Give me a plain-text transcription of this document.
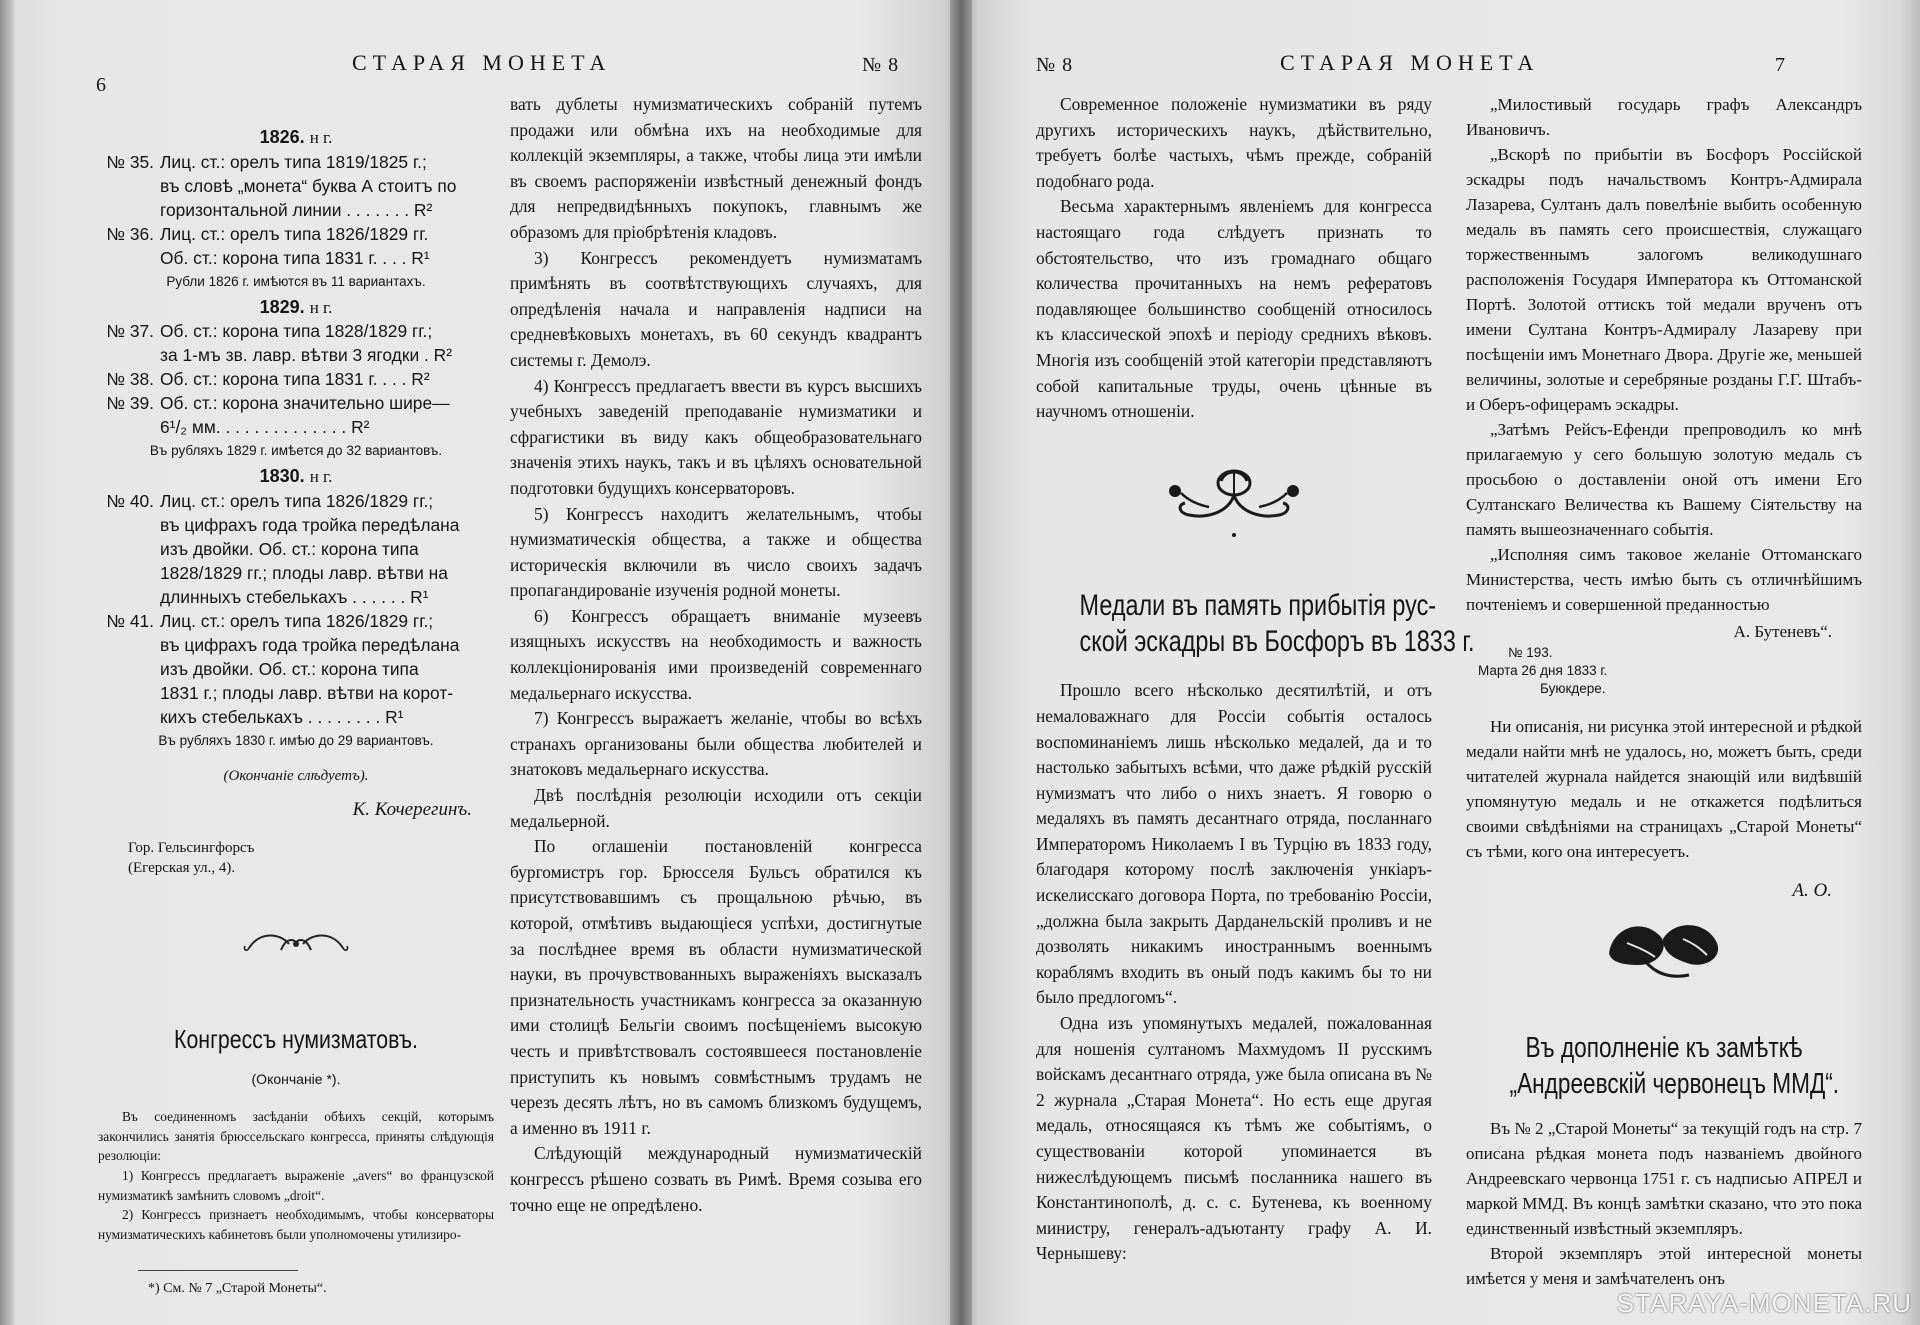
6
СТАРАЯ МОНЕТА	№ 8
1826. н г.
№ 35. Лиц. ст.: орелъ типа 1819/1825 г.;
въ словѣ „монета“ буква А стоитъ по
горизонтальной линии . . . . . . . R²
№ 36. Лиц. ст.: орелъ типа 1826/1829 гг.
Об. ст.: корона типа 1831 г. . . . R¹
Рубли 1826 г. имѣются въ 11 вариантахъ.
1829. н г.
№ 37. Об. ст.: корона типа 1828/1829 гг.;
за 1-мъ зв. лавр. вѣтви 3 ягодки . R²
№ 38. Об. ст.: корона типа 1831 г. . . . R²
№ 39. Об. ст.: корона значительно шире—
6¹/₂ мм. . . . . . . . . . . . . . R²
Въ рубляхъ 1829 г. имѣется до 32 вариантовъ.
1830. н г.
№ 40. Лиц. ст.: орелъ типа 1826/1829 гг.;
въ цифрахъ года тройка передѣлана
изъ двойки. Об. ст.: корона типа
1828/1829 гг.; плоды лавр. вѣтви на
длинныхъ стебелькахъ . . . . . . R¹
№ 41. Лиц. ст.: орелъ типа 1826/1829 гг.;
въ цифрахъ года тройка передѣлана
изъ двойки. Об. ст.: корона типа
1831 г.; плоды лавр. вѣтви на корот-
кихъ стебелькахъ . . . . . . . . R¹
Въ рубляхъ 1830 г. имѣю до 29 вариантовъ.
(Окончаніе слѣдуетъ).
К. Кочерегинъ.
Гор. Гельсингфорсъ
(Егерская ул., 4).
Конгрессъ нумизматовъ.
(Окончаніе *).

Въ соединенномъ засѣданіи обѣихъ секцій, которымъ закончились занятія брюссельскаго конгресса, приняты слѣдующія резолюціи:

1) Конгрессъ предлагаетъ выраженіе „avers“ во французской нумизматикѣ замѣнить словомъ „droit“.

2) Конгрессъ признаетъ необходимымъ, чтобы консерваторы нумизматическихъ кабинетовъ были уполномочены утилизиро-

*) См. № 7 „Старой Монеты“.

вать дублеты нумизматическихъ собраній путемъ продажи или обмѣна ихъ на необходимые для коллекцій экземпляры, а также, чтобы лица эти имѣли въ своемъ распоряженіи извѣстный денежный фондъ для непредвидѣнныхъ покупокъ, главнымъ же образомъ для пріобрѣтенія кладовъ.

3) Конгрессъ рекомендуетъ нумизматамъ примѣнять въ соотвѣтствующихъ случаяхъ, для опредѣленія начала и направленія надписи на средневѣковыхъ монетахъ, въ 60 секундъ квадрантъ системы г. Демолэ.

4) Конгрессъ предлагаетъ ввести въ курсъ высшихъ учебныхъ заведеній преподаваніе нумизматики и сфрагистики въ виду какъ общеобразовательнаго значенія этихъ наукъ, такъ и въ цѣляхъ основательной подготовки будущихъ консерваторовъ.

5) Конгрессъ находитъ желательнымъ, чтобы нумизматическія общества, а также и общества историческія включили въ число своихъ задачъ пропагандированіе изученія родной монеты.

6) Конгрессъ обращаетъ вниманіе музеевъ изящныхъ искусствъ на необходимость и важность коллекціонированія ими произведеній современнаго медальернаго искусства.

7) Конгрессъ выражаетъ желаніе, чтобы во всѣхъ странахъ организованы были общества любителей и знатоковъ медальернаго искусства.

Двѣ послѣднія резолюціи исходили отъ секціи медальерной.

По оглашеніи постановленій конгресса бургомистръ гор. Брюсселя Бульсъ обратился къ присутствовавшимъ съ прощальною рѣчью, въ которой, отмѣтивъ выдающіеся успѣхи, достигнутые за послѣднее время въ области нумизматической науки, въ прочувствованныхъ выраженіяхъ высказалъ признательность участникамъ конгресса за оказанную ими столицѣ Бельгіи своимъ посѣщеніемъ высокую честь и привѣтствовалъ состоявшееся постановленіе приступить къ новымъ совмѣстнымъ трудамъ не черезъ десять лѣтъ, но въ самомъ близкомъ будущемъ, а именно въ 1911 г.

Слѣдующій международный нумизматическій конгрессъ рѣшено созвать въ Римѣ. Время созыва его точно еще не опредѣлено.

№ 8	СТАРАЯ МОНЕТА	7

Современное положеніе нумизматики въ ряду другихъ историческихъ наукъ, дѣйствительно, требуетъ болѣе частыхъ, чѣмъ прежде, собраній подобнаго рода.

Весьма характернымъ явленіемъ для конгресса настоящаго года слѣдуетъ признать то обстоятельство, что изъ громаднаго общаго количества прочитанныхъ на немъ рефератовъ подавляющее большинство сообщеній относилось къ классической эпохѣ и періоду среднихъ вѣковъ. Многія изъ сообщеній этой категоріи представляютъ собой капитальные труды, очень цѣнные въ научномъ отношеніи.

Медали въ память прибытія рус-
ской эскадры въ Босфоръ въ 1833 г.

Прошло всего нѣсколько десятилѣтій, и отъ немаловажнаго для Россіи событія осталось воспоминаніемъ лишь нѣсколько медалей, да и то настолько забытыхъ всѣми, что даже рѣдкій русскій нумизматъ что либо о нихъ знаетъ. Я говорю о медаляхъ въ память десантнаго отряда, посланнаго Императоромъ Николаемъ I въ Турцію въ 1833 году, благодаря которому послѣ заключенія ункіаръ-искелисскаго договора Порта, по требованію Россіи, „должна была закрыть Дарданельскій проливъ и не дозволять никакимъ иностраннымъ военнымъ кораблямъ входить въ оный подъ какимъ бы то ни было предлогомъ“.

Одна изъ упомянутыхъ медалей, пожалованная для ношенія султаномъ Махмудомъ II русскимъ войскамъ десантнаго отряда, уже была описана въ № 2 журнала „Старая Монета“. Но есть еще другая медаль, относящаяся къ тѣмъ же событіямъ, о существованіи которой упоминается въ нижеслѣдующемъ письмѣ посланника нашего въ Константинополѣ, д. с. с. Бутенева, къ военному министру, генералъ-адъютанту графу А. И. Чернышеву:

„Милостивый государь графъ Александръ Ивановичъ.

„Вскорѣ по прибытіи въ Босфоръ Россійской эскадры подъ начальствомъ Контръ-Адмирала Лазарева, Султанъ далъ повелѣніе выбить особенную медаль въ память сего происшествія, служащаго торжественнымъ залогомъ великодушнаго расположенія Государя Императора къ Оттоманской Портѣ. Золотой оттискъ той медали врученъ отъ имени Султана Контръ-Адмиралу Лазареву при посѣщеніи имъ Монетнаго Двора. Другіе же, меньшей величины, золотые и серебряные розданы Г.Г. Штабъ- и Оберъ-офицерамъ эскадры.

„Затѣмъ Рейсъ-Ефенди препроводилъ ко мнѣ прилагаемую у сего большую золотую медаль съ просьбою о доставленіи оной отъ имени Его Султанскаго Величества къ Вашему Сіятельству на память вышеозначеннаго событія.

„Исполняя симъ таковое желаніе Оттоманскаго Министерства, честь имѣю быть съ отличнѣйшимъ почтеніемъ и совершенной преданностью

А. Бутеневъ“.
№ 193.
Марта 26 дня 1833 г.
Буюкдере.

Ни описанія, ни рисунка этой интересной и рѣдкой медали найти мнѣ не удалось, но, можетъ быть, среди читателей журнала найдется знающій или видѣвшій упомянутую медаль и не откажется подѣлиться своими свѣдѣніями на страницахъ „Старой Монеты“ съ тѣми, кого она интересуетъ.

А. О.
Въ дополненіе къ замѣткѣ
„Андреевскій червонецъ ММД“.

Въ № 2 „Старой Монеты“ за текущій годъ на стр. 7 описана рѣдкая монета подъ названіемъ двойного Андреевскаго червонца 1751 г. съ надписью АПРЕЛ и маркой ММД. Въ концѣ замѣтки сказано, что это пока единственный извѣстный экземпляръ.

Второй экземпляръ этой интересной монеты имѣется у меня и замѣчателенъ онъ

STARAYA-MONETA.RU
